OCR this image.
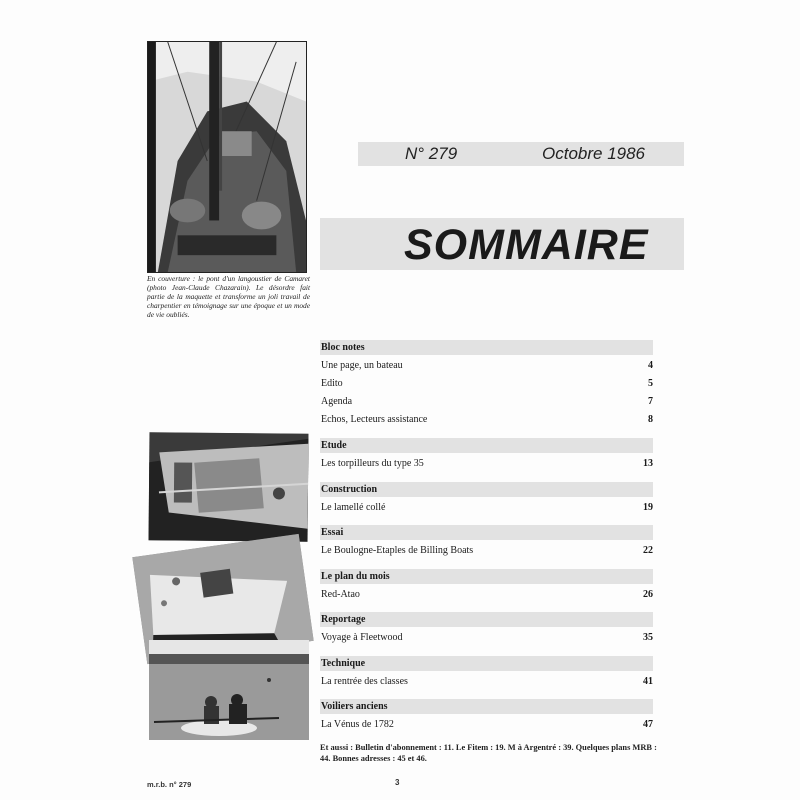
En couverture : le pont d'un langoustier de Camaret (photo Jean-Claude Chazarain). Le désordre fait partie de la maquette et transforme un joli travail de charpentier en témoignage sur une époque et un mode de vie oubliés.

N° 279	Octobre 1986
SOMMAIRE
Bloc notes
Une page, un bateau	4
Edito	5
Agenda	7
Echos, Lecteurs assistance	8
Etude
Les torpilleurs du type 35	13
Construction
Le lamellé collé	19
Essai
Le Boulogne-Etaples de Billing Boats	22
Le plan du mois
Red-Atao	26
Reportage
Voyage à Fleetwood	35
Technique
La rentrée des classes	41
Voiliers anciens
La Vénus de 1782	47

Et aussi : Bulletin d'abonnement : 11. Le Fitem : 19. M à Argentré : 39. Quelques plans MRB : 44. Bonnes adresses : 45 et 46.

m.r.b. n° 279	3
